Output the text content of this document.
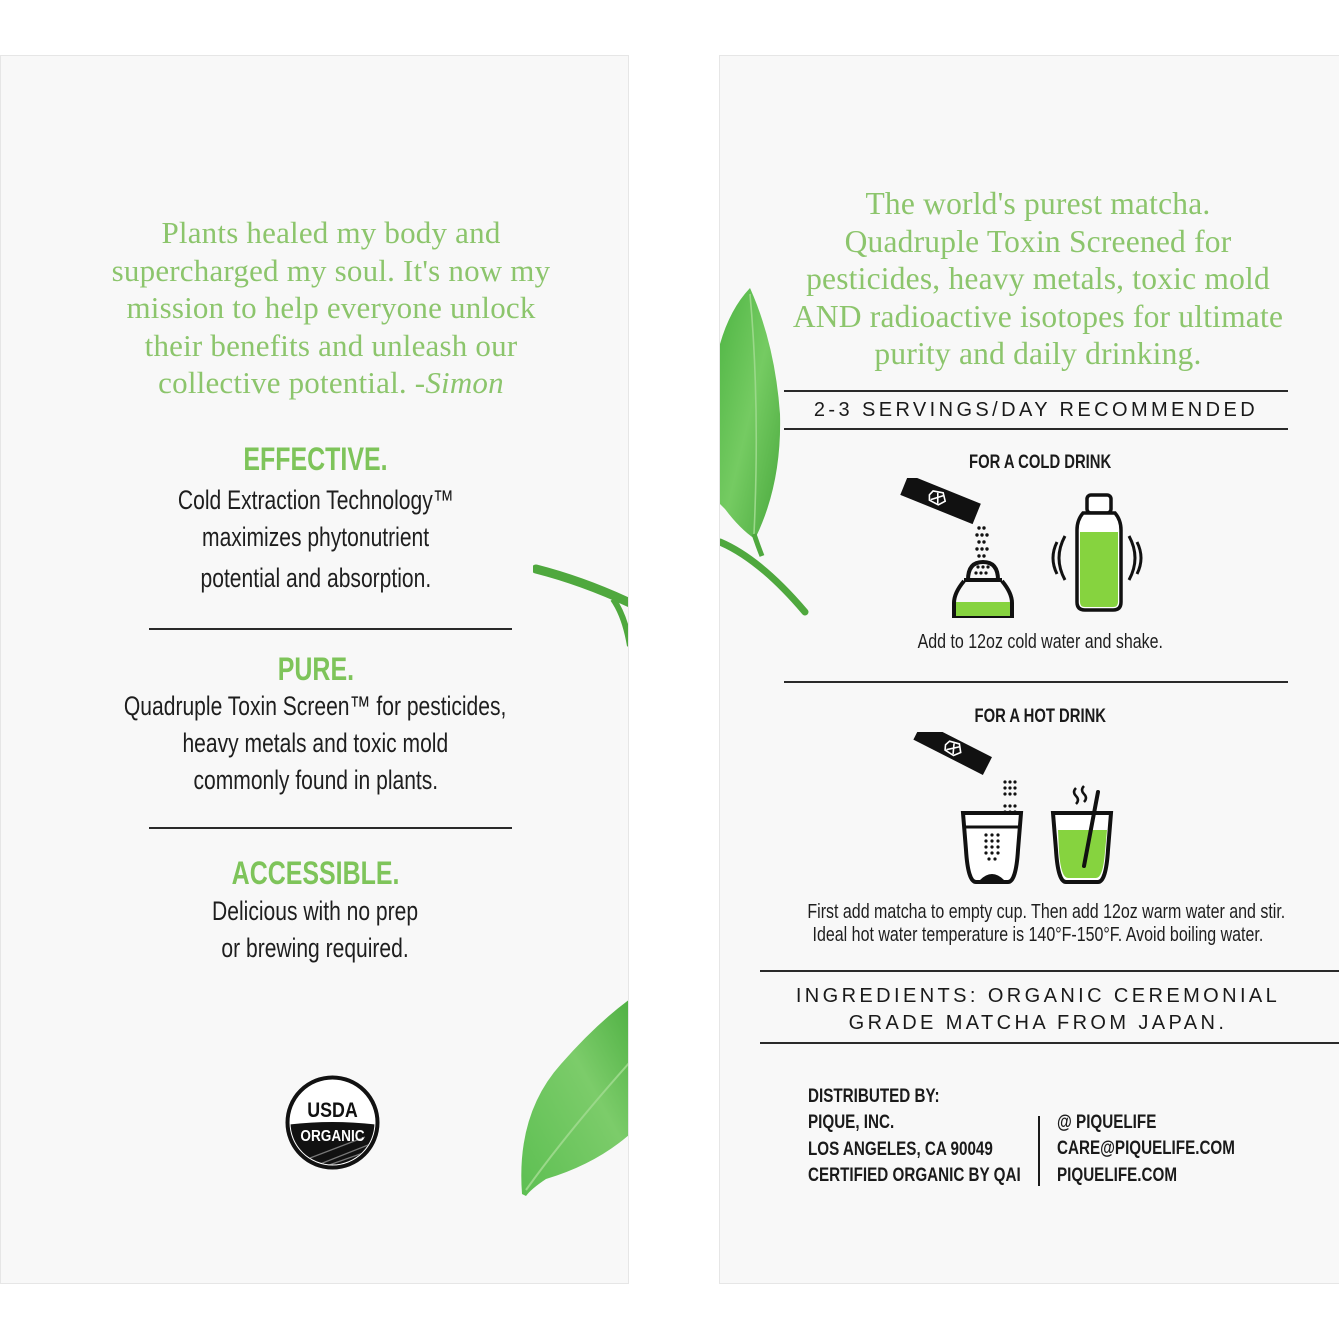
Plants healed my body and
supercharged my soul. It's now my
mission to help everyone unlock
their benefits and unleash our
collective potential. -Simon
EFFECTIVE.
Cold Extraction Technology™
maximizes phytonutrient
potential and absorption.
PURE.
Quadruple Toxin Screen™ for pesticides,
heavy metals and toxic mold
commonly found in plants.
ACCESSIBLE.
Delicious with no prep
or brewing required.
USDA
ORGANIC
The world's purest matcha.
Quadruple Toxin Screened for
pesticides, heavy metals, toxic mold
AND radioactive isotopes for ultimate
purity and daily drinking.
2-3 SERVINGS/DAY RECOMMENDED
FOR A COLD DRINK
Add to 12oz cold water and shake.
FOR A HOT DRINK
First add matcha to empty cup. Then add 12oz warm water and stir.
Ideal hot water temperature is 140°F-150°F. Avoid boiling water.
INGREDIENTS: ORGANIC CEREMONIAL
GRADE MATCHA FROM JAPAN.
DISTRIBUTED BY:
PIQUE, INC.
LOS ANGELES, CA 90049
CERTIFIED ORGANIC BY QAI
@ PIQUELIFE
CARE@PIQUELIFE.COM
PIQUELIFE.COM
